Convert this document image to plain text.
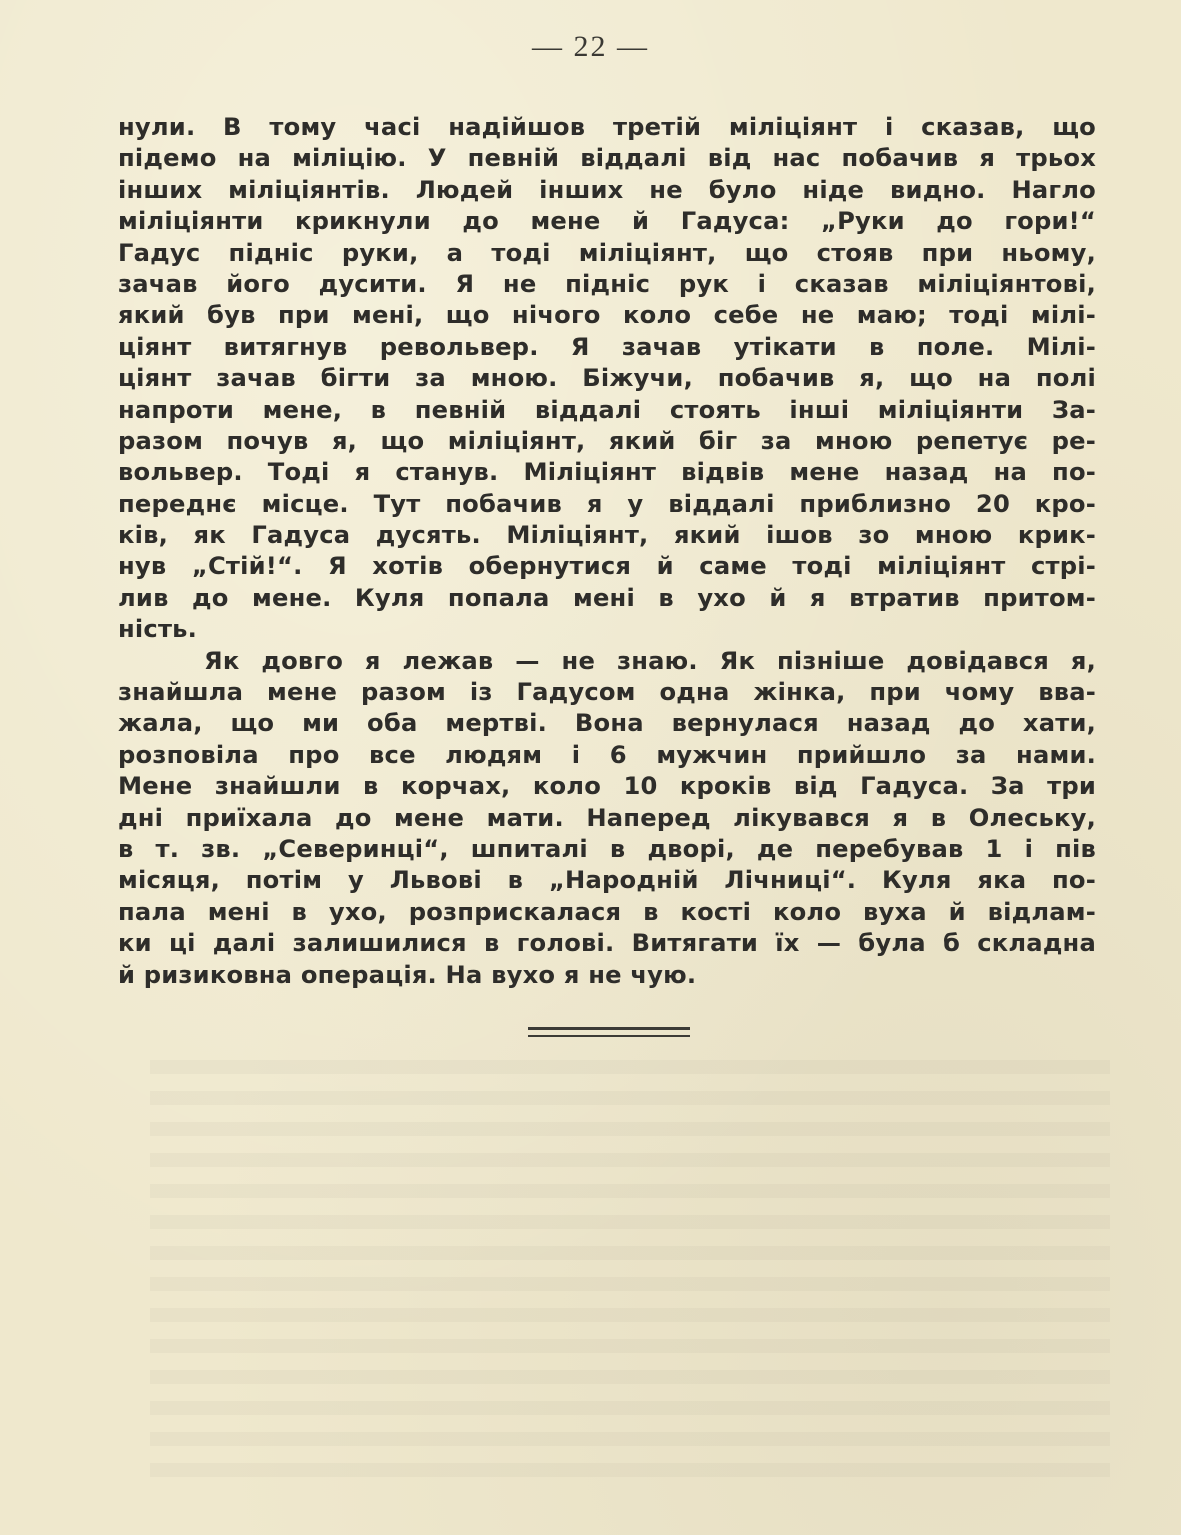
— 22 —
нули. В тому часі надійшов третій міліціянт і сказав, що
підемо на міліцію. У певній віддалі від нас побачив я трьох
інших міліціянтів. Людей інших не було ніде видно. Нагло
міліціянти крикнули до мене й Гадуса: „Руки до гори!“
Гадус підніс руки, а тоді міліціянт, що стояв при ньому,
зачав його дусити. Я не підніс рук і сказав міліціянтові,
який був при мені, що нічого коло себе не маю; тоді мілі-
ціянт витягнув револьвер. Я зачав утікати в поле. Мілі-
ціянт зачав бігти за мною. Біжучи, побачив я, що на полі
напроти мене, в певній віддалі стоять інші міліціянти За-
разом почув я, що міліціянт, який біг за мною репетує ре-
вольвер. Тоді я станув. Міліціянт відвів мене назад на по-
переднє місце. Тут побачив я у віддалі приблизно 20 кро-
ків, як Гадуса дусять. Міліціянт, який ішов зо мною крик-
нув „Стій!“. Я хотів обернутися й саме тоді міліціянт стрі-
лив до мене. Куля попала мені в ухо й я втратив притом-
ність.
Як довго я лежав — не знаю. Як пізніше довідався я,
знайшла мене разом із Гадусом одна жінка, при чому вва-
жала, що ми оба мертві. Вона вернулася назад до хати,
розповіла про все людям і 6 мужчин прийшло за нами.
Мене знайшли в корчах, коло 10 кроків від Гадуса. За три
дні приїхала до мене мати. Наперед лікувався я в Олеську,
в т. зв. „Северинці“, шпиталі в дворі, де перебував 1 і пів
місяця, потім у Львові в „Народній Лічниці“. Куля яка по-
пала мені в ухо, розприскалася в кості коло вуха й відлам-
ки ці далі залишилися в голові. Витягати їх — була б складна
й ризиковна операція. На вухо я не чую.
